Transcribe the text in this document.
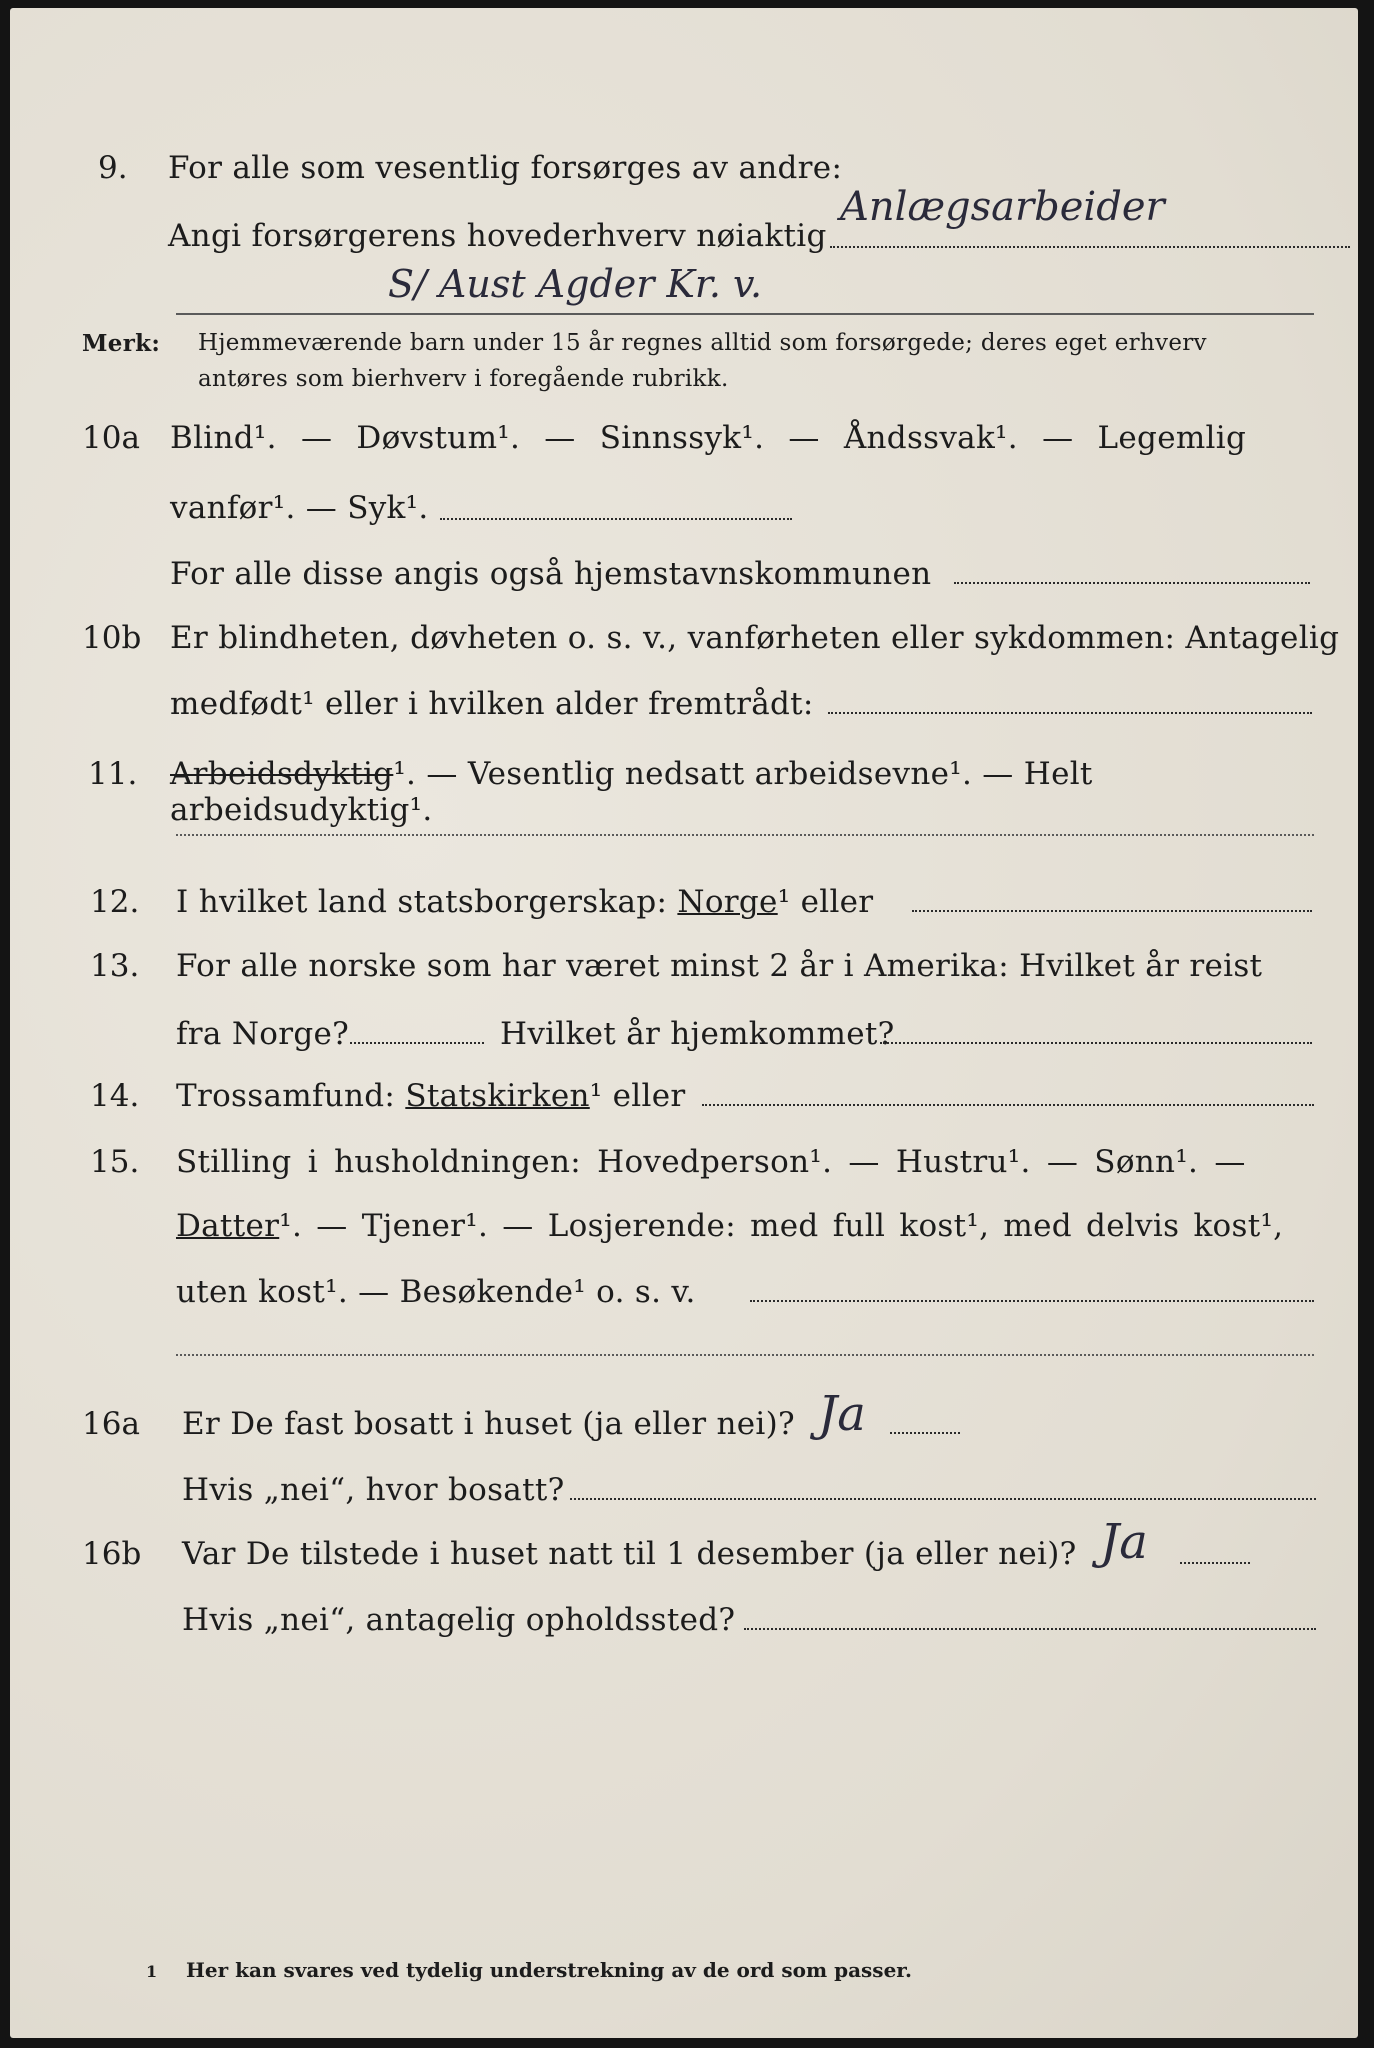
9. For alle som vesentlig forsørges av andre:
Angi forsørgerens hovederhverv nøiaktig
Anlægsarbeider
S/ Aust Agder Kr. v.
Merk: Hjemmeværende barn under 15 år regnes alltid som forsørgede; deres eget erhverv
antøres som bierhverv i foregående rubrikk.
10a Blind¹. — Døvstum¹. — Sinnssyk¹. — Åndssvak¹. — Legemlig
vanfør¹. — Syk¹.
For alle disse angis også hjemstavnskommunen
10b Er blindheten, døvheten o. s. v., vanførheten eller sykdommen: Antagelig
medfødt¹ eller i hvilken alder fremtrådt:
11. Arbeidsdyktig¹. — Vesentlig nedsatt arbeidsevne¹. — Helt arbeidsudyktig¹.
12. I hvilket land statsborgerskap: Norge¹ eller
13. For alle norske som har været minst 2 år i Amerika: Hvilket år reist
fra Norge?	Hvilket år hjemkommet?
14. Trossamfund: Statskirken¹ eller
15. Stilling i husholdningen: Hovedperson¹. — Hustru¹. — Sønn¹. —
Datter¹. — Tjener¹. — Losjerende: med full kost¹, med delvis kost¹,
uten kost¹. — Besøkende¹ o. s. v.
16a Er De fast bosatt i huset (ja eller nei)? Ja
Hvis „nei“, hvor bosatt?
16b Var De tilstede i huset natt til 1 desember (ja eller nei)? Ja
Hvis „nei“, antagelig opholdssted?
1 Her kan svares ved tydelig understrekning av de ord som passer.
